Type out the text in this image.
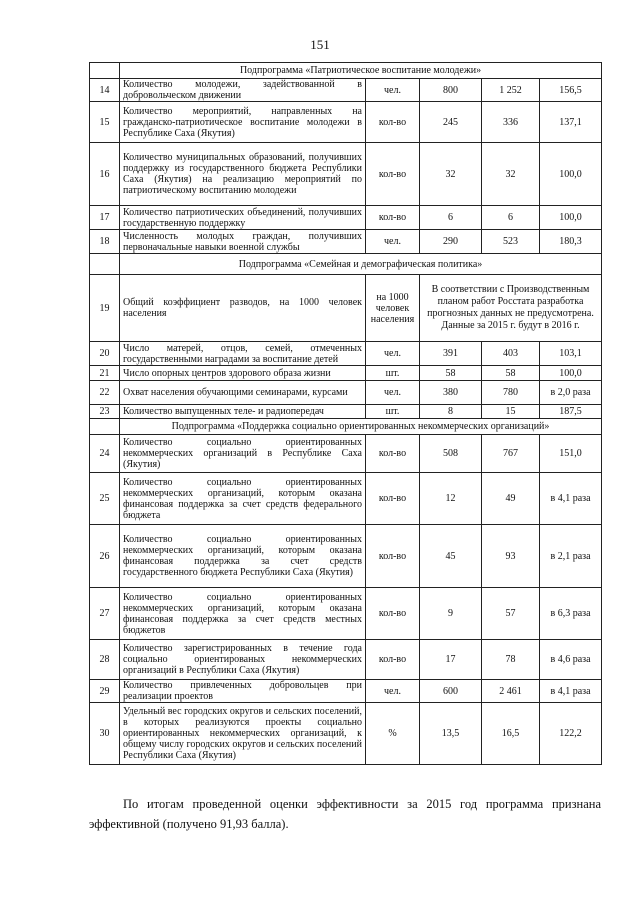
151
	Подпрограмма «Патриотическое воспитание молодежи»				
14	Количество молодежи, задействованной в добровольческом движении	чел.	800	1 252	156,5
15	Количество мероприятий, направленных на гражданско-патриотическое воспитание молодежи в Республике Саха (Якутия)	кол-во	245	336	137,1
16	Количество муниципальных образований, получивших поддержку из государственного бюджета Республики Саха (Якутия) на реализацию мероприятий по патриотическому воспитанию молодежи	кол-во	32	32	100,0
17	Количество патриотических объединений, получивших государственную поддержку	кол-во	6	6	100,0
18	Численность молодых граждан, получивших первоначальные навыки военной службы	чел.	290	523	180,3
	Подпрограмма «Семейная и демографическая политика»				
19	Общий коэффициент разводов, на 1000 человек населения	на 1000 человек населения	В соответствии с Производственным планом работ Росстата разработка прогнозных данных не предусмотрена. Данные за 2015 г. будут в 2016 г.		
20	Число матерей, отцов, семей, отмеченных государственными наградами за воспитание детей	чел.	391	403	103,1
21	Число опорных центров здорового образа жизни	шт.	58	58	100,0
22	Охват населения обучающими семинарами, курсами	чел.	380	780	в 2,0 раза
23	Количество выпущенных теле- и радиопередач	шт.	8	15	187,5
	Подпрограмма «Поддержка социально ориентированных некоммерческих организаций»				
24	Количество социально ориентированных некоммерческих организаций в Республике Саха (Якутия)	кол-во	508	767	151,0
25	Количество социально ориентированных некоммерческих организаций, которым оказана финансовая поддержка за счет средств федерального бюджета	кол-во	12	49	в 4,1 раза
26	Количество социально ориентированных некоммерческих организаций, которым оказана финансовая поддержка за счет средств государственного бюджета Республики Саха (Якутия)	кол-во	45	93	в 2,1 раза
27	Количество социально ориентированных некоммерческих организаций, которым оказана финансовая поддержка за счет средств местных бюджетов	кол-во	9	57	в 6,3 раза
28	Количество зарегистрированных в течение года социально ориентированых некоммерческих организаций в Республики Саха (Якутия)	кол-во	17	78	в 4,6 раза
29	Количество привлеченных добровольцев при реализации проектов	чел.	600	2 461	в 4,1 раза
30	Удельный вес городских округов и сельских поселений, в которых реализуются проекты социально ориентированных некоммерческих организаций, к общему числу городских округов и сельских поселений Республики Саха (Якутия)	%	13,5	16,5	122,2

По итогам проведенной оценки эффективности за 2015 год программа признана эффективной (получено 91,93 балла).
